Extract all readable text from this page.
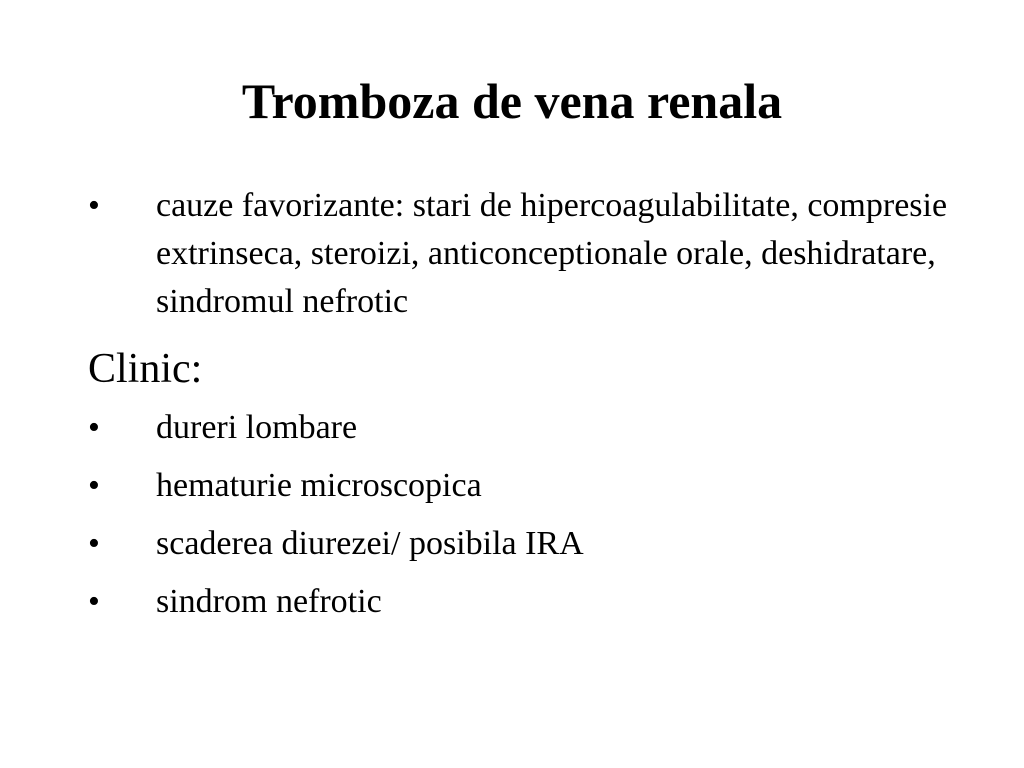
Tromboza de vena renala
•	cauze favorizante: stari de hipercoagulabilitate, compresie extrinseca, steroizi, anticonceptionale orale, deshidratare, sindromul nefrotic
Clinic:
•	dureri lombare
•	hematurie microscopica
•	scaderea diurezei/ posibila IRA
•	sindrom nefrotic
